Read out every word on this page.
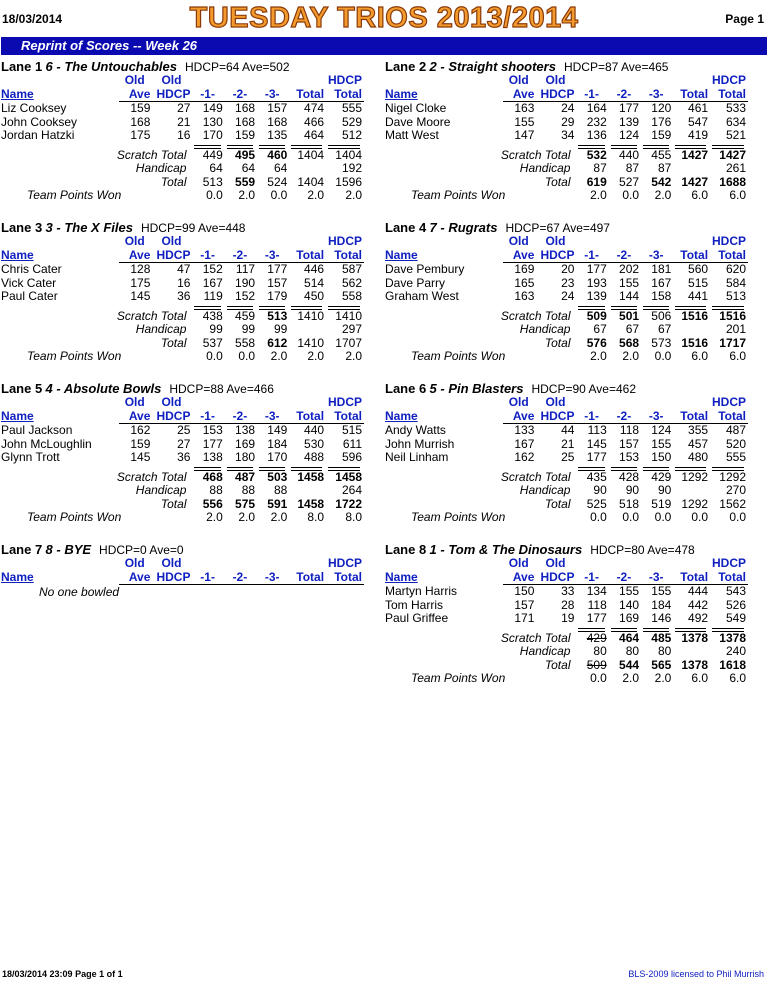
18/03/2014	TUESDAY TRIOS 2013/2014	Page 1
Reprint of Scores -- Week 26
Lane 1 6 - The Untouchables HDCP=64 Ave=502
	Old	Old					HDCP
Name	Ave	HDCP	-1-	-2-	-3-	Total	Total
Liz Cooksey	159	27	149	168	157	474	555
John Cooksey	168	21	130	168	168	466	529
Jordan Hatzki	175	16	170	159	135	464	512

Scratch Total			449	495	460	1404	1404
Handicap			64	64	64		192
Total			513	559	524	1404	1596
Team Points Won			0.0	2.0	0.0	2.0	2.0
Lane 2 2 - Straight shooters HDCP=87 Ave=465
	Old	Old					HDCP
Name	Ave	HDCP	-1-	-2-	-3-	Total	Total
Nigel Cloke	163	24	164	177	120	461	533
Dave Moore	155	29	232	139	176	547	634
Matt West	147	34	136	124	159	419	521

Scratch Total			532	440	455	1427	1427
Handicap			87	87	87		261
Total			619	527	542	1427	1688
Team Points Won			2.0	0.0	2.0	6.0	6.0
Lane 3 3 - The X Files HDCP=99 Ave=448
	Old	Old					HDCP
Name	Ave	HDCP	-1-	-2-	-3-	Total	Total
Chris Cater	128	47	152	117	177	446	587
Vick Cater	175	16	167	190	157	514	562
Paul Cater	145	36	119	152	179	450	558

Scratch Total			438	459	513	1410	1410
Handicap			99	99	99		297
Total			537	558	612	1410	1707
Team Points Won			0.0	0.0	2.0	2.0	2.0
Lane 4 7 - Rugrats HDCP=67 Ave=497
	Old	Old					HDCP
Name	Ave	HDCP	-1-	-2-	-3-	Total	Total
Dave Pembury	169	20	177	202	181	560	620
Dave Parry	165	23	193	155	167	515	584
Graham West	163	24	139	144	158	441	513

Scratch Total			509	501	506	1516	1516
Handicap			67	67	67		201
Total			576	568	573	1516	1717
Team Points Won			2.0	2.0	0.0	6.0	6.0
Lane 5 4 - Absolute Bowls HDCP=88 Ave=466
	Old	Old					HDCP
Name	Ave	HDCP	-1-	-2-	-3-	Total	Total
Paul Jackson	162	25	153	138	149	440	515
John McLoughlin	159	27	177	169	184	530	611
Glynn Trott	145	36	138	180	170	488	596

Scratch Total			468	487	503	1458	1458
Handicap			88	88	88		264
Total			556	575	591	1458	1722
Team Points Won			2.0	2.0	2.0	8.0	8.0
Lane 6 5 - Pin Blasters HDCP=90 Ave=462
	Old	Old					HDCP
Name	Ave	HDCP	-1-	-2-	-3-	Total	Total
Andy Watts	133	44	113	118	124	355	487
John Murrish	167	21	145	157	155	457	520
Neil Linham	162	25	177	153	150	480	555

Scratch Total			435	428	429	1292	1292
Handicap			90	90	90		270
Total			525	518	519	1292	1562
Team Points Won			0.0	0.0	0.0	0.0	0.0
Lane 7 8 - BYE HDCP=0 Ave=0
	Old	Old					HDCP
Name	Ave	HDCP	-1-	-2-	-3-	Total	Total
No one bowled
Lane 8 1 - Tom & The Dinosaurs HDCP=80 Ave=478
	Old	Old					HDCP
Name	Ave	HDCP	-1-	-2-	-3-	Total	Total
Martyn Harris	150	33	134	155	155	444	543
Tom Harris	157	28	118	140	184	442	526
Paul Griffee	171	19	177	169	146	492	549

Scratch Total			429	464	485	1378	1378
Handicap			80	80	80		240
Total			509	544	565	1378	1618
Team Points Won			0.0	2.0	2.0	6.0	6.0
18/03/2014 23:09 Page 1 of 1	BLS-2009 licensed to Phil Murrish
